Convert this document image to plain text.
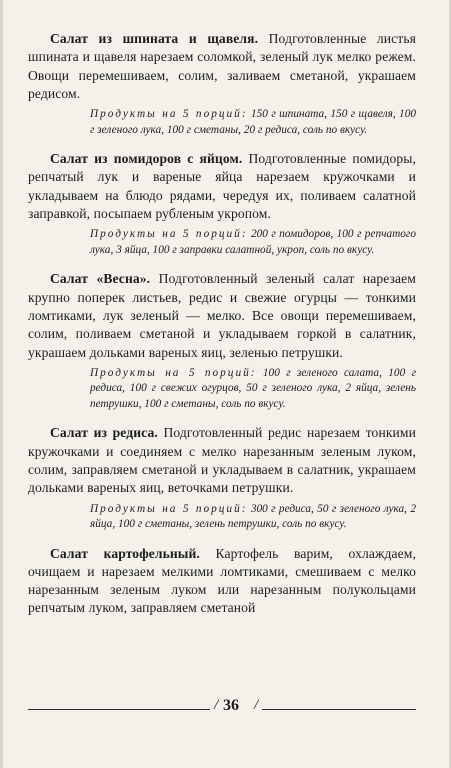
Салат из шпината и щавеля. Подготовленные листья шпината и щавеля нарезаем соломкой, зеленый лук мелко режем. Овощи перемешиваем, солим, заливаем сметаной, украшаем редисом.

Продукты на 5 порций: 150 г шпината, 150 г щавеля, 100 г зеленого лука, 100 г сметаны, 20 г редиса, соль по вкусу.

Салат из помидоров с яйцом. Подготовленные помидоры, репчатый лук и вареные яйца нарезаем кружочками и укладываем на блюдо рядами, чередуя их, поливаем салатной заправкой, посыпаем рубленым укропом.

Продукты на 5 порций: 200 г помидоров, 100 г репчатого лука, 3 яйца, 100 г заправки салатной, укроп, соль по вкусу.

Салат «Весна». Подготовленный зеленый салат нарезаем крупно поперек листьев, редис и свежие огурцы — тонкими ломтиками, лук зеленый — мелко. Все овощи перемешиваем, солим, поливаем сметаной и укладываем горкой в салатник, украшаем дольками вареных яиц, зеленью петрушки.

Продукты на 5 порций: 100 г зеленого салата, 100 г редиса, 100 г свежих огурцов, 50 г зеленого лука, 2 яйца, зелень петрушки, 100 г сметаны, соль по вкусу.

Салат из редиса. Подготовленный редис нарезаем тонкими кружочками и соединяем с мелко нарезанным зеленым луком, солим, заправляем сметаной и укладываем в салатник, украшаем дольками вареных яиц, веточками петрушки.

Продукты на 5 порций: 300 г редиса, 50 г зеленого лука, 2 яйца, 100 г сметаны, зелень петрушки, соль по вкусу.

Салат картофельный. Картофель варим, охлаждаем, очищаем и нарезаем мелкими ломтиками, смешиваем с мелко нарезанным зеленым луком или нарезанным полукольцами репчатым луком, заправляем сметаной

/ 36 /
